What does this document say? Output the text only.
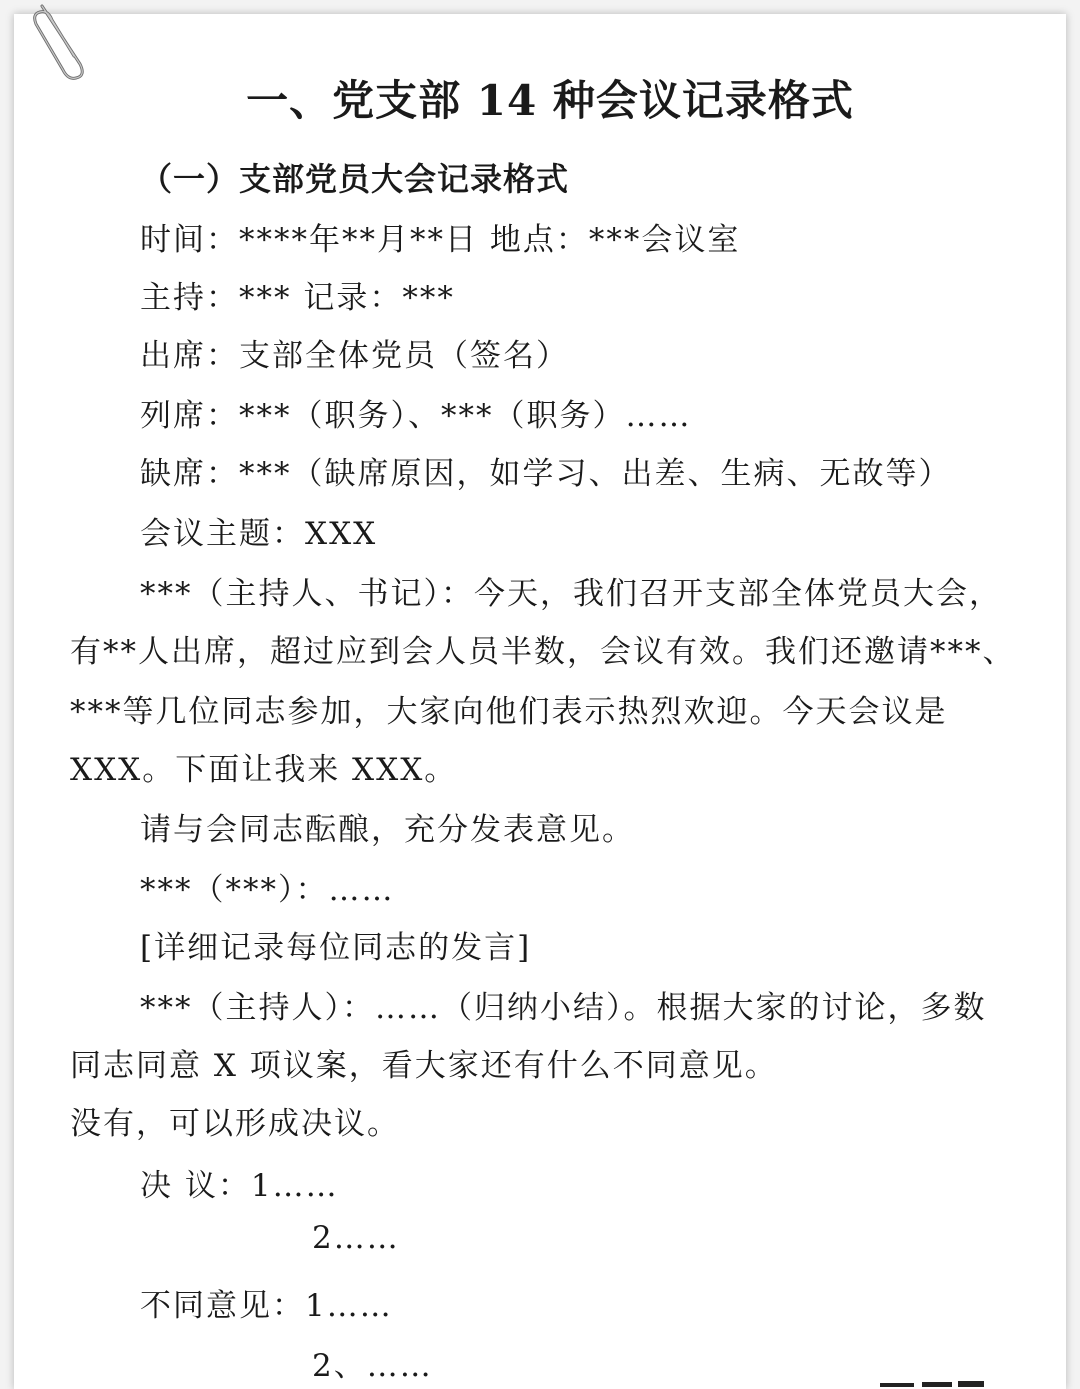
一、党支部 14 种会议记录格式
（一）支部党员大会记录格式
时间：****年**月**日 地点：***会议室
主持：*** 记录：***
出席：支部全体党员（签名）
列席：***（职务）、***（职务）……
缺席：***（缺席原因，如学习、出差、生病、无故等）
会议主题：XXX
***（主持人、书记）：今天，我们召开支部全体党员大会，
有**人出席，超过应到会人员半数，会议有效。我们还邀请***、
***等几位同志参加，大家向他们表示热烈欢迎。今天会议是
XXX。下面让我来 XXX。
请与会同志酝酿，充分发表意见。
***（***）：……
[详细记录每位同志的发言]
***（主持人）：……（归纳小结）。根据大家的讨论，多数
同志同意 X 项议案，看大家还有什么不同意见。
没有，可以形成决议。
决 议：1……
2……
不同意见：1……
2、……
